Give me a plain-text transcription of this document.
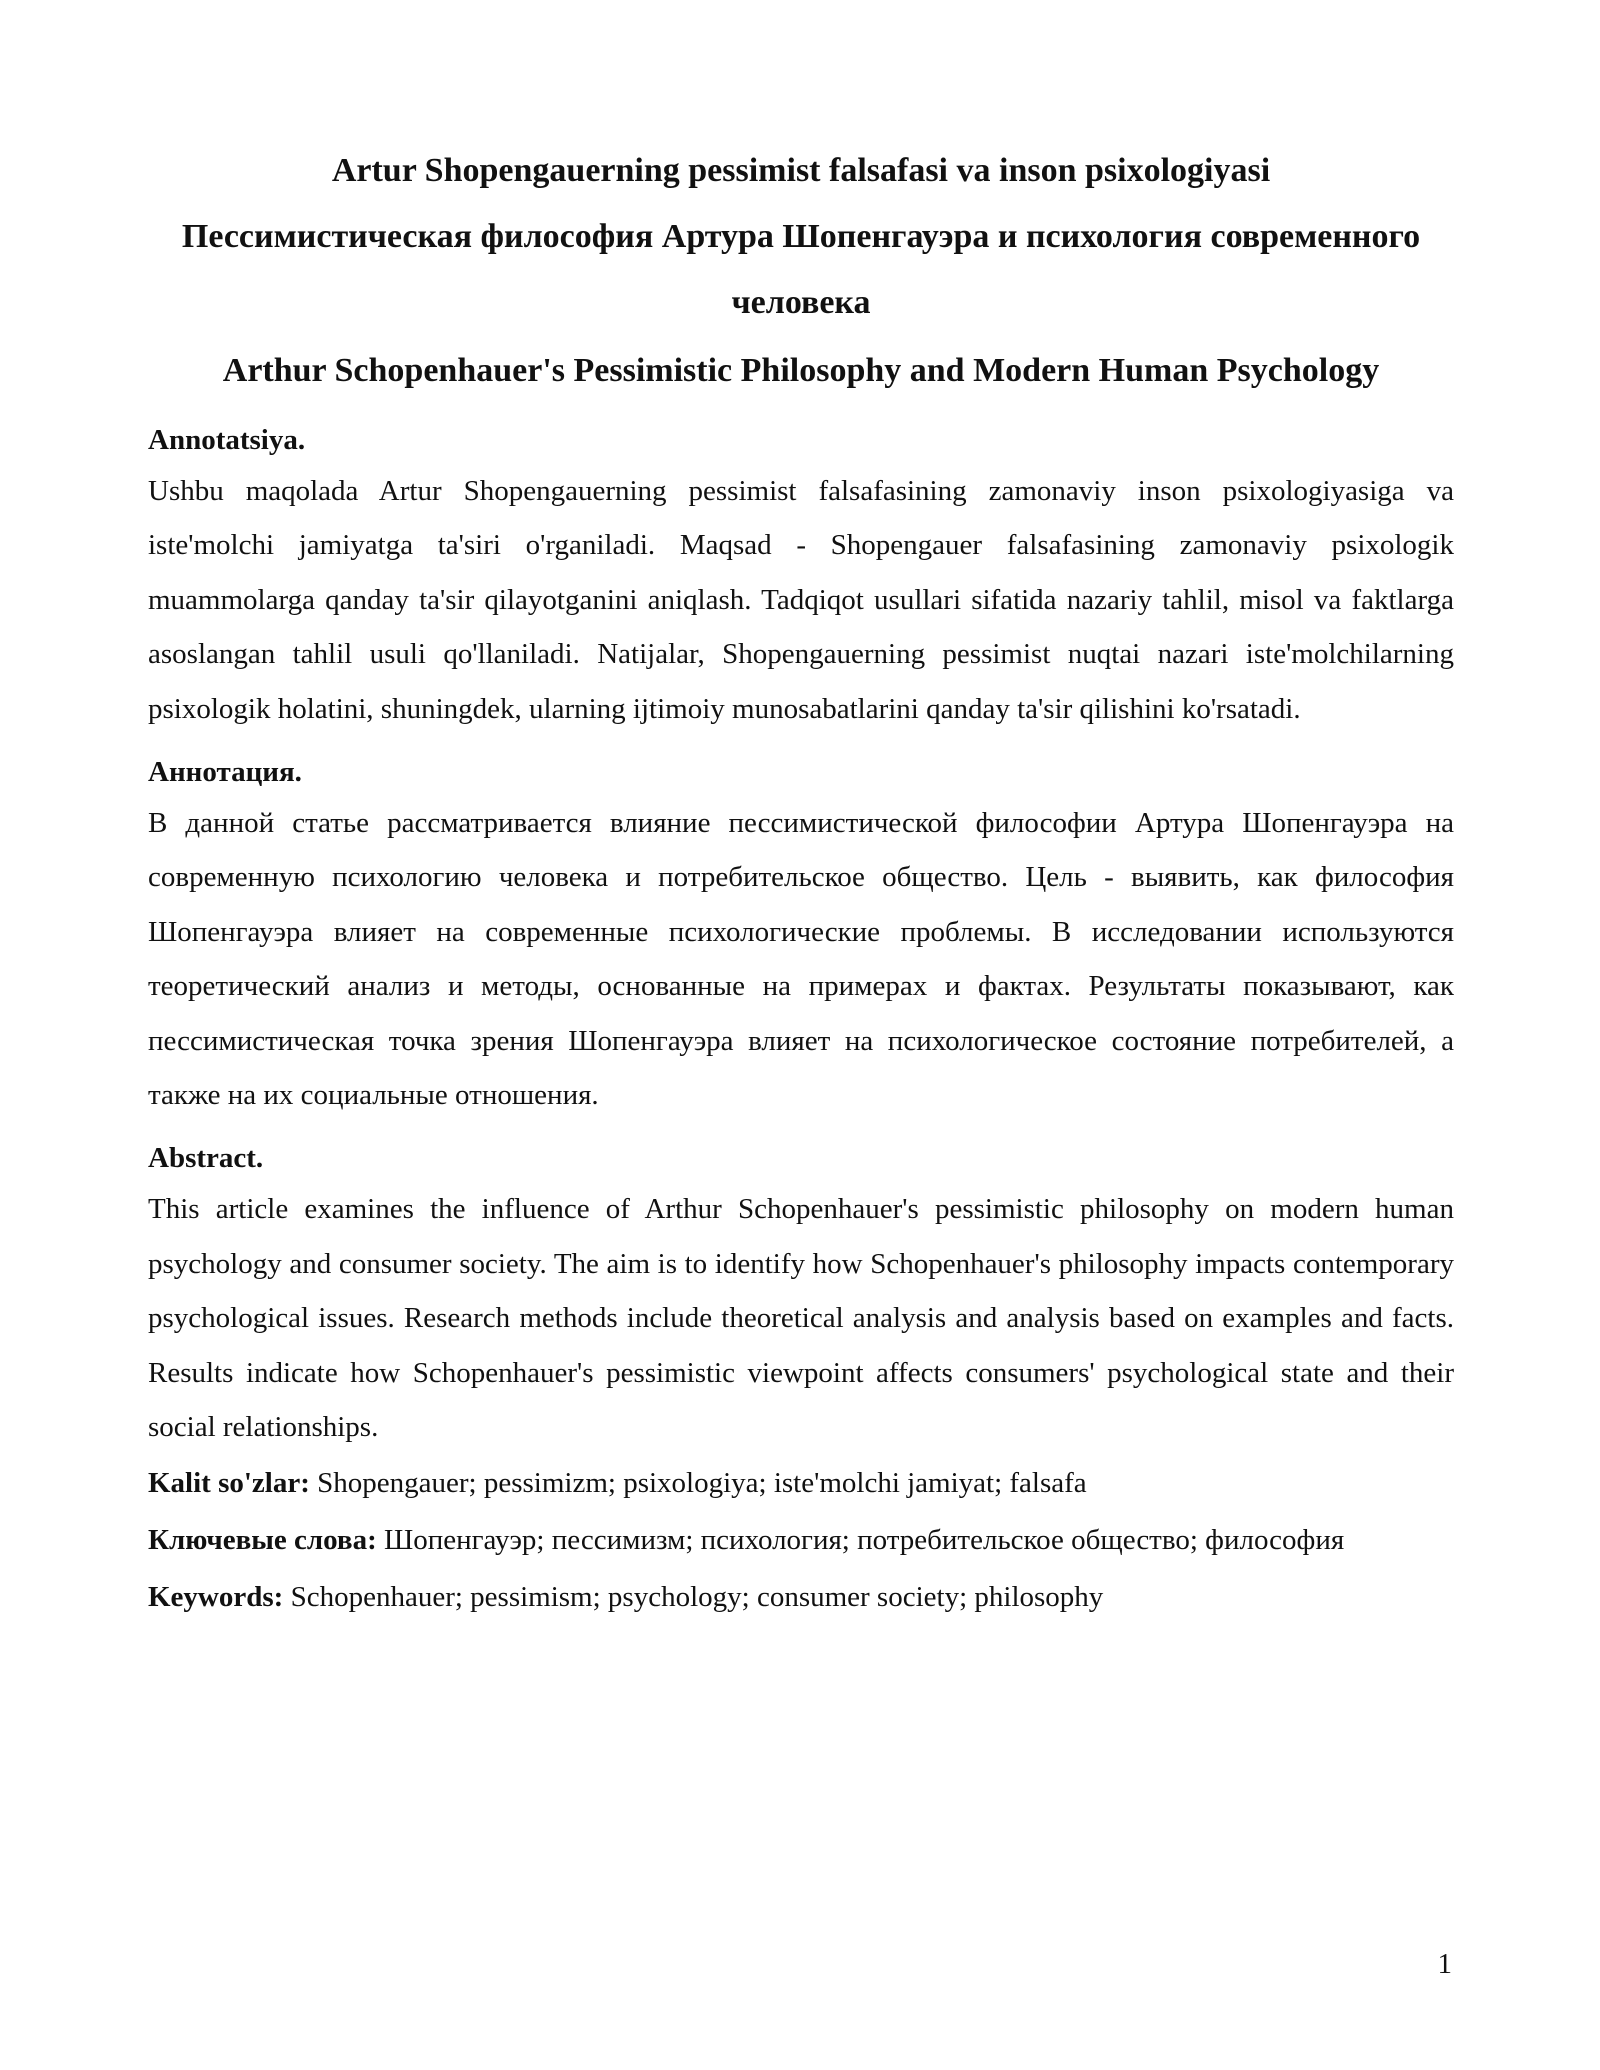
Artur Shopengauerning pessimist falsafasi va inson psixologiyasi
Пессимистическая философия Артура Шопенгауэра и психология современного человека
Arthur Schopenhauer's Pessimistic Philosophy and Modern Human Psychology
Annotatsiya.

Ushbu maqolada Artur Shopengauerning pessimist falsafasining zamonaviy inson psixologiyasiga va iste'molchi jamiyatga ta'siri o'rganiladi. Maqsad - Shopengauer falsafasining zamonaviy psixologik muammolarga qanday ta'sir qilayotganini aniqlash. Tadqiqot usullari sifatida nazariy tahlil, misol va faktlarga asoslangan tahlil usuli qo'llaniladi. Natijalar, Shopengauerning pessimist nuqtai nazari iste'molchilarning psixologik holatini, shuningdek, ularning ijtimoiy munosabatlarini qanday ta'sir qilishini ko'rsatadi.

Аннотация.

В данной статье рассматривается влияние пессимистической философии Артура Шопенгауэра на современную психологию человека и потребительское общество. Цель - выявить, как философия Шопенгауэра влияет на современные психологические проблемы. В исследовании используются теоретический анализ и методы, основанные на примерах и фактах. Результаты показывают, как пессимистическая точка зрения Шопенгауэра влияет на психологическое состояние потребителей, а также на их социальные отношения.

Abstract.

This article examines the influence of Arthur Schopenhauer's pessimistic philosophy on modern human psychology and consumer society. The aim is to identify how Schopenhauer's philosophy impacts contemporary psychological issues. Research methods include theoretical analysis and analysis based on examples and facts. Results indicate how Schopenhauer's pessimistic viewpoint affects consumers' psychological state and their social relationships.

Kalit so'zlar: Shopengauer; pessimizm; psixologiya; iste'molchi jamiyat; falsafa

Ключевые слова: Шопенгауэр; пессимизм; психология; потребительское общество; философия

Keywords: Schopenhauer; pessimism; psychology; consumer society; philosophy

1
